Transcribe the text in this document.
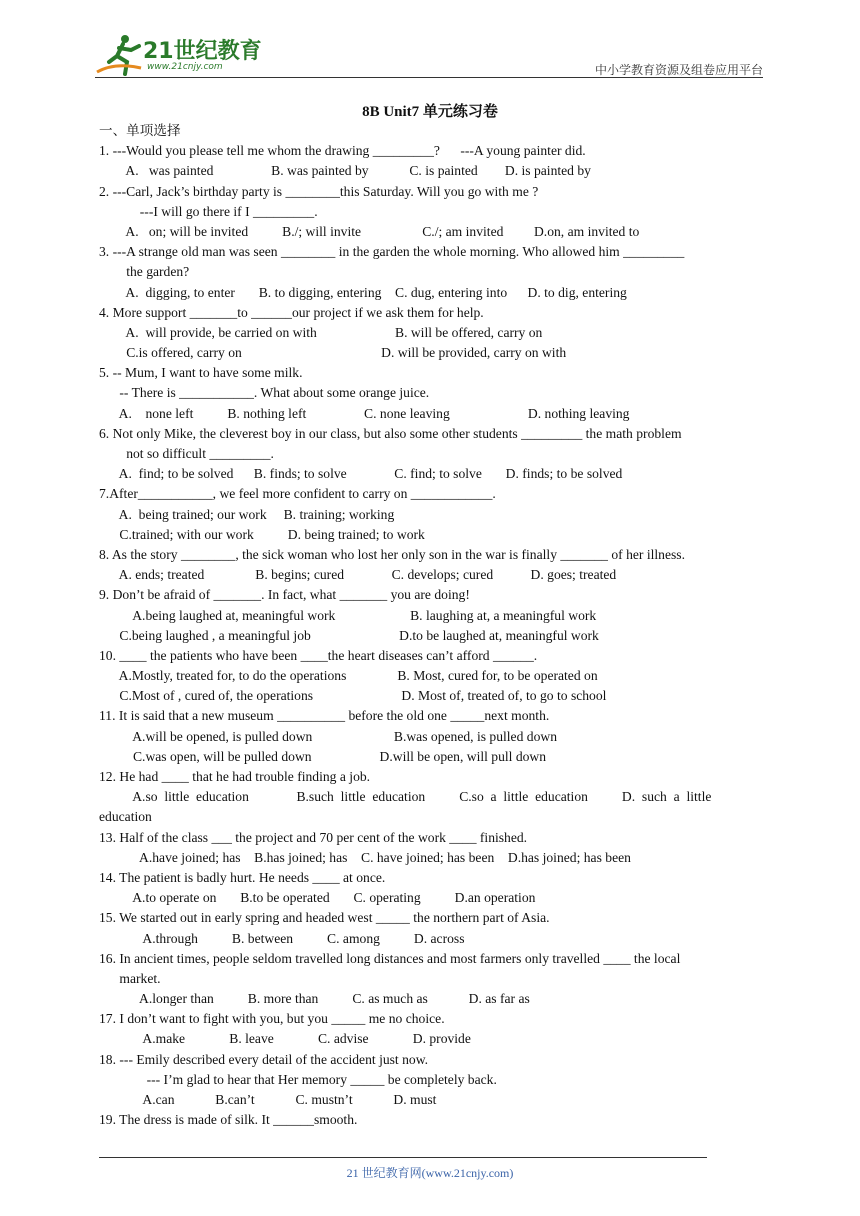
21世纪教育
www.21cnjy.com	中小学教育资源及组卷应用平台
8B Unit7 单元练习卷
一、单项选择
1. ---Would you please tell me whom the drawing _________?      ---A young painter did.
A.   was painted                 B. was painted by            C. is painted        D. is painted by
2. ---Carl, Jack’s birthday party is ________this Saturday. Will you go with me ?
---I will go there if I _________.
A.   on; will be invited          B./; will invite                  C./; am invited         D.on, am invited to
3. ---A strange old man was seen ________ in the garden the whole morning. Who allowed him _________
the garden?
A.  digging, to enter       B. to digging, entering    C. dug, entering into      D. to dig, entering
4. More support _______to ______our project if we ask them for help.
A.  will provide, be carried on with                       B. will be offered, carry on
C.is offered, carry on                                         D. will be provided, carry on with
5. -- Mum, I want to have some milk.
-- There is ___________. What about some orange juice.
A.    none left          B. nothing left                 C. none leaving                       D. nothing leaving
6. Not only Mike, the cleverest boy in our class, but also some other students _________ the math problem
not so difficult _________.
A.  find; to be solved      B. finds; to solve              C. find; to solve       D. finds; to be solved
7.After___________, we feel more confident to carry on ____________.
A.  being trained; our work     B. training; working
C.trained; with our work          D. being trained; to work
8. As the story ________, the sick woman who lost her only son in the war is finally _______ of her illness.
A. ends; treated               B. begins; cured              C. develops; cured           D. goes; treated
9. Don’t be afraid of _______. In fact, what _______ you are doing!
A.being laughed at, meaningful work                      B. laughing at, a meaningful work
C.being laughed , a meaningful job                          D.to be laughed at, meaningful work
10. ____ the patients who have been ____the heart diseases can’t afford ______.
A.Mostly, treated for, to do the operations               B. Most, cured for, to be operated on
C.Most of , cured of, the operations                          D. Most of, treated of, to go to school
11. It is said that a new museum __________ before the old one _____next month.
A.will be opened, is pulled down                        B.was opened, is pulled down
C.was open, will be pulled down                    D.will be open, will pull down
12. He had ____ that he had trouble finding a job.
A.so  little  education              B.such  little  education          C.so  a  little  education          D.  such  a  little
education
13. Half of the class ___ the project and 70 per cent of the work ____ finished.
A.have joined; has    B.has joined; has    C. have joined; has been    D.has joined; has been
14. The patient is badly hurt. He needs ____ at once.
A.to operate on       B.to be operated       C. operating          D.an operation
15. We started out in early spring and headed west _____ the northern part of Asia.
A.through          B. between          C. among          D. across
16. In ancient times, people seldom travelled long distances and most farmers only travelled ____ the local
market.
A.longer than          B. more than          C. as much as            D. as far as
17. I don’t want to fight with you, but you _____ me no choice.
A.make             B. leave             C. advise             D. provide
18. --- Emily described every detail of the accident just now.
--- I’m glad to hear that Her memory _____ be completely back.
A.can            B.can’t            C. mustn’t            D. must
19. The dress is made of silk. It ______smooth.
21 世纪教育网(www.21cnjy.com)
